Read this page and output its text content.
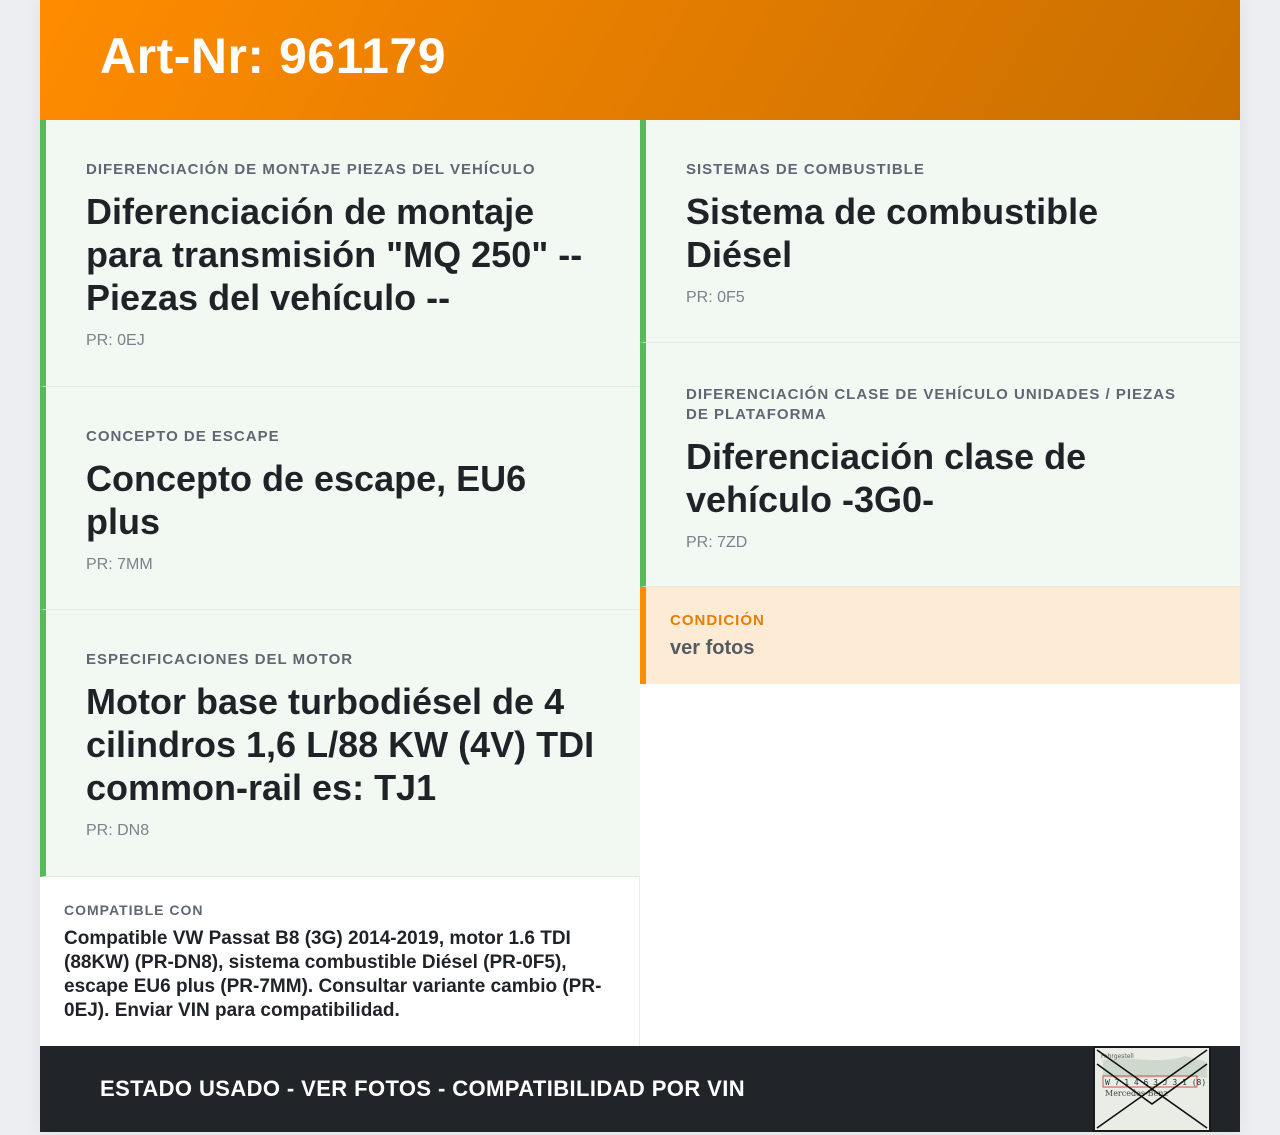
Art-Nr: 961179
DIFERENCIACIÓN DE MONTAJE PIEZAS DEL VEHÍCULO
Diferenciación de montaje para transmisión "MQ 250" -- Piezas del vehículo --
PR: 0EJ
CONCEPTO DE ESCAPE
Concepto de escape, EU6 plus
PR: 7MM
ESPECIFICACIONES DEL MOTOR
Motor base turbodiésel de 4 cilindros 1,6 L/88 KW (4V) TDI common-rail es: TJ1
PR: DN8
COMPATIBLE CON
Compatible VW Passat B8 (3G) 2014-2019, motor 1.6 TDI (88KW) (PR-DN8), sistema combustible Diésel (PR-0F5), escape EU6 plus (PR-7MM). Consultar variante cambio (PR-0EJ). Enviar VIN para compatibilidad.
SISTEMAS DE COMBUSTIBLE
Sistema de combustible Diésel
PR: 0F5
DIFERENCIACIÓN CLASE DE VEHÍCULO UNIDADES / PIEZAS DE PLATAFORMA
Diferenciación clase de vehículo -3G0-
PR: 7ZD
CONDICIÓN
ver fotos
ESTADO USADO - VER FOTOS - COMPATIBILIDAD POR VIN
Fahrgestell
W 7 1 4 6 3 J 3 1 (8)
Mercedes-Benz
